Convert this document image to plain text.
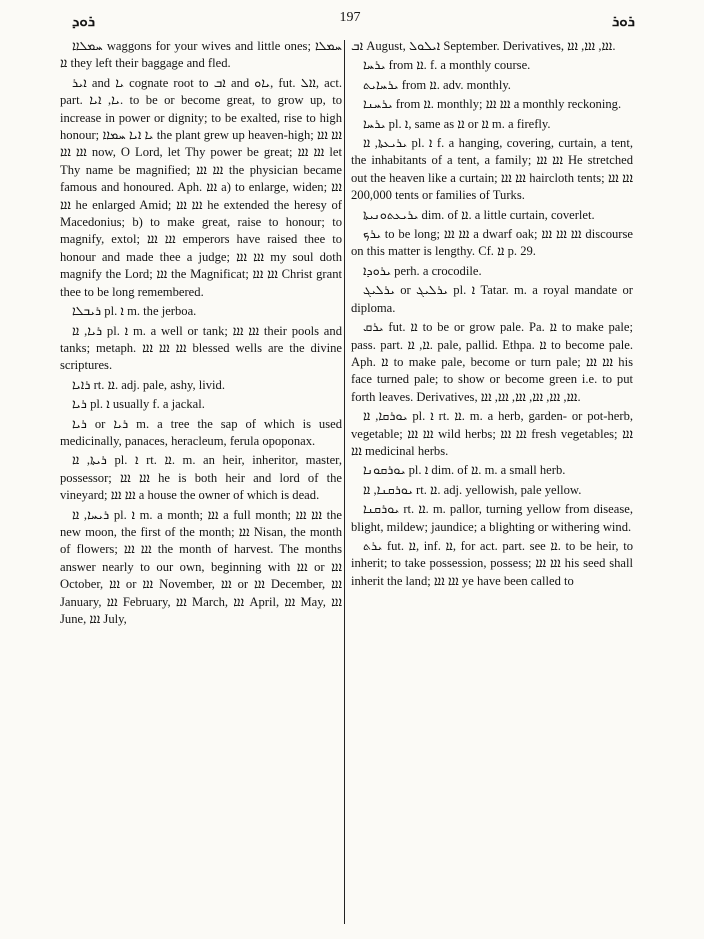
ܪܘܕ	197	ܪܘܪ

ܚܡܠܐܐ waggons for your wives and little ones; ܚܡܠܐ ܐܐ they left their baggage and fled.

ܐܝܪ and ܝܐ cognate root to ܐܒ and ܝܐܘ, fut. ܐܐܠ, act. part. ܝܐ, ܐܝܐ. to be or become great, to grow up, to increase in power or dignity; to be exalted, rise to high honour; ܝܐ ܐܝܐ ܚܡܐܐ the plant grew up heaven-high; ܐܐܐ ܐܐܐ ܐܐܐ ܐܐܐ now, O Lord, let Thy power be great; ܐܐܐ ܐܐܐ let Thy name be magnified; ܐܐܐ ܐܐܐ the physician became famous and honoured. Aph. ܐܐܐ a) to enlarge, widen; ܐܐܐ ܐܐܐ he enlarged Amid; ܐܐܐ ܐܐܐ he extended the heresy of Macedonius; b) to make great, raise to honour; to magnify, extol; ܐܐܐ ܐܐܐ emperors have raised thee to honour and made thee a judge; ܐܐܐ ܐܐܐ my soul doth magnify the Lord; ܐܐܐ the Magnificat; ܐܐܐ ܐܐܐ Christ grant thee to be long remembered.

ܪܝܒܠܐ pl. ܐ m. the jerboa.

ܪܝܐ, ܐܐ pl. ܐ m. a well or tank; ܐܐܐ ܐܐܐ their pools and tanks; metaph. ܐܐܐ ܐܐܐ ܐܐܐ blessed wells are the divine scriptures.

ܪܐܝܐ rt. ܐܐ. adj. pale, ashy, livid.

ܪܝܐ pl. ܐ usually f. a jackal.

ܪܝܐ or ܪܝܐ m. a tree the sap of which is used medicinally, panaces, heracleum, ferula opoponax.

ܪܝܬܐ, ܐܐ pl. ܐ rt. ܐܐ. m. an heir, inheritor, master, possessor; ܐܐܐ ܐܐܐ he is both heir and lord of the vineyard; ܐܐܐ ܐܐܐ a house the owner of which is dead.

ܪܝܚܐ, ܐܐ pl. ܐ m. a month; ܐܐܐ a full month; ܐܐܐ ܐܐܐ the new moon, the first of the month; ܐܐܐ Nisan, the month of flowers; ܐܐܐ ܐܐܐ the month of harvest. The months answer nearly to our own, beginning with ܐܐܐ or ܐܐܐ October, ܐܐܐ or ܐܐܐ November, ܐܐܐ or ܐܐܐ December, ܐܐܐ January, ܐܐܐ February, ܐܐܐ March, ܐܐܐ April, ܐܐܐ May, ܐܐܐ June, ܐܐܐ July,

ܐܒ August, ܐܝܠܘܠ September. Derivatives, ܐܐܐ, ܐܐܐ, ܐܐܐ.

ܝܪܚܐ from ܐܐ. f. a monthly course.

ܝܪܚܐܝܬ from ܐܐ. adv. monthly.

ܝܪܚܢܐ from ܐܐ. monthly; ܐܐܐ ܐܐܐ a monthly reckoning.

ܝܪܚܐ pl. ܐ, same as ܐܐ or ܐܐ m. a firefly.

ܝܪܝܥܬܐ, ܐܐ pl. ܐ f. a hanging, covering, curtain, a tent, the inhabitants of a tent, a family; ܐܐܐ ܐܐܐ He stretched out the heaven like a curtain; ܐܐܐ ܐܐܐ haircloth tents; ܐܐܐ ܐܐܐ 200,000 tents or families of Turks.

ܝܪܝܥܬܘܢܝܬܐ dim. of ܐܐ. a little curtain, coverlet.

ܝܪܟ to be long; ܐܐܐ ܐܐܐ a dwarf oak; ܐܐܐ ܐܐܐ ܐܐܐ discourse on this matter is lengthy. Cf. ܐܐ p. 29.

ܝܪܘܕܐ perh. a crocodile.

ܝܪܠܝܓ or ܝܪܠܝܓ pl. ܐ Tatar. m. a royal mandate or diploma.

ܝܪܩ fut. ܐܐ to be or grow pale. Pa. ܐܐ to make pale; pass. part. ܐܐ, ܐܐ. pale, pallid. Ethpa. ܐܐ to become pale. Aph. ܐܐ to make pale, become or turn pale; ܐܐܐ ܐܐܐ his face turned pale; to show or become green i.e. to put forth leaves. Derivatives, ܐܐܐ, ܐܐܐ, ܐܐܐ, ܐܐܐ, ܐܐܐ, ܐܐܐ.

ܝܘܪܩܐ, ܐܐ pl. ܐ rt. ܐܐ. m. a herb, garden- or pot-herb, vegetable; ܐܐܐ ܐܐܐ wild herbs; ܐܐܐ ܐܐܐ fresh vegetables; ܐܐܐ ܐܐܐ medicinal herbs.

ܝܘܪܩܘܢܐ pl. ܐ dim. of ܐܐ. m. a small herb.

ܝܘܪܩܢܐ, ܐܐ rt. ܐܐ. adj. yellowish, pale yellow.

ܝܘܪܩܢܐ rt. ܐܐ. m. pallor, turning yellow from disease, blight, mildew; jaundice; a blighting or withering wind.

ܝܪܬ fut. ܐܐ, inf. ܐܐ, for act. part. see ܐܐ. to be heir, to inherit; to take possession, possess; ܐܐܐ ܐܐܐ his seed shall inherit the land; ܐܐܐ ܐܐܐ ye have been called to
